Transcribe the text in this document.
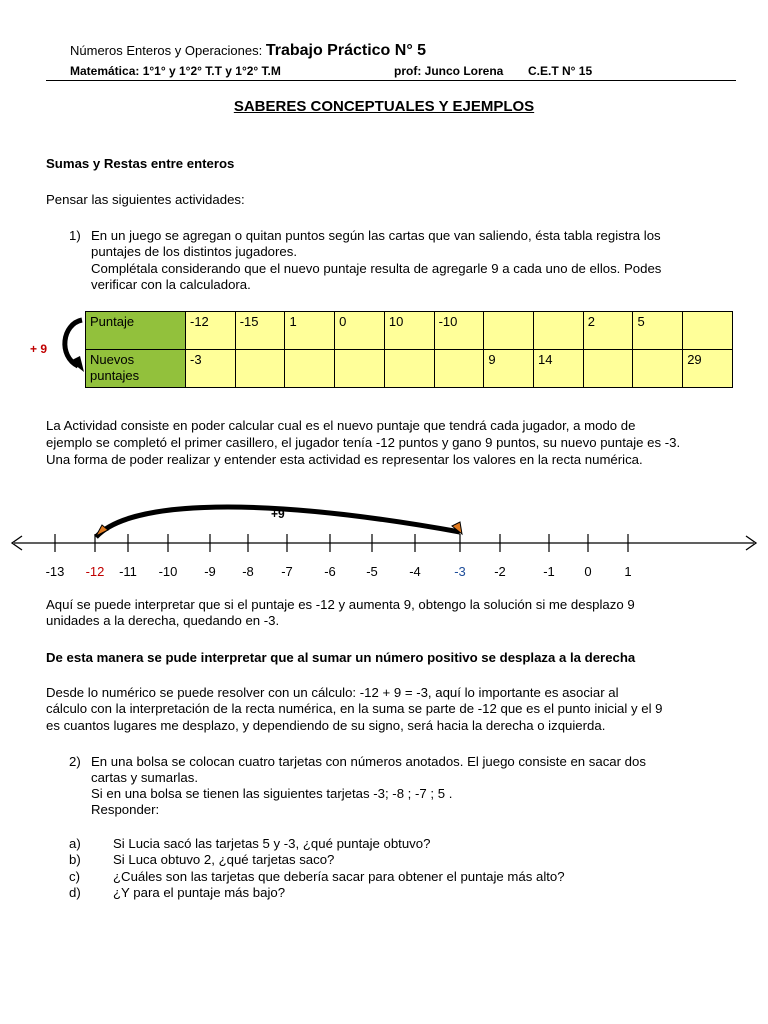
Números Enteros y Operaciones: Trabajo Práctico N° 5
Matemática: 1°1° y 1°2° T.T y 1°2° T.M	prof: Junco Lorena C.E.T N° 15
SABERES CONCEPTUALES Y EJEMPLOS
Sumas y Restas entre enteros
Pensar las siguientes actividades:
1) En un juego se agregan o quitan puntos según las cartas que van saliendo, ésta tabla registra los
puntajes de los distintos jugadores.
Complétala considerando que el nuevo puntaje resulta de agregarle 9 a cada uno de ellos. Podes
verificar con la calculadora.
+ 9
Puntaje	-12	-15	1	0	10	-10			2	5	
Nuevos puntajes	-3						9	14			29
La Actividad consiste en poder calcular cual es el nuevo puntaje que tendrá cada jugador, a modo de
ejemplo se completó el primer casillero, el jugador tenía -12 puntos y gano 9 puntos, su nuevo puntaje es -3.
Una forma de poder realizar y entender esta actividad es representar los valores en la recta numérica.
+9
-13 -12 -11 -10 -9 -8 -7 -6 -5 -4	-3 -2	-1 0	1
Aquí se puede interpretar que si el puntaje es -12 y aumenta 9, obtengo la solución si me desplazo 9
unidades a la derecha, quedando en -3.
De esta manera se pude interpretar que al sumar un número positivo se desplaza a la derecha
Desde lo numérico se puede resolver con un cálculo: -12 + 9 = -3, aquí lo importante es asociar al
cálculo con la interpretación de la recta numérica, en la suma se parte de -12 que es el punto inicial y el 9
es cuantos lugares me desplazo, y dependiendo de su signo, será hacia la derecha o izquierda.
2) En una bolsa se colocan cuatro tarjetas con números anotados. El juego consiste en sacar dos
cartas y sumarlas.
Si en una bolsa se tienen las siguientes tarjetas -3; -8 ; -7 ; 5 .
Responder:
a) Si Lucia sacó las tarjetas 5 y -3, ¿qué puntaje obtuvo?
b) Si Luca obtuvo 2, ¿qué tarjetas saco?
c)	¿Cuáles son las tarjetas que debería sacar para obtener el puntaje más alto?
d) ¿Y para el puntaje más bajo?
